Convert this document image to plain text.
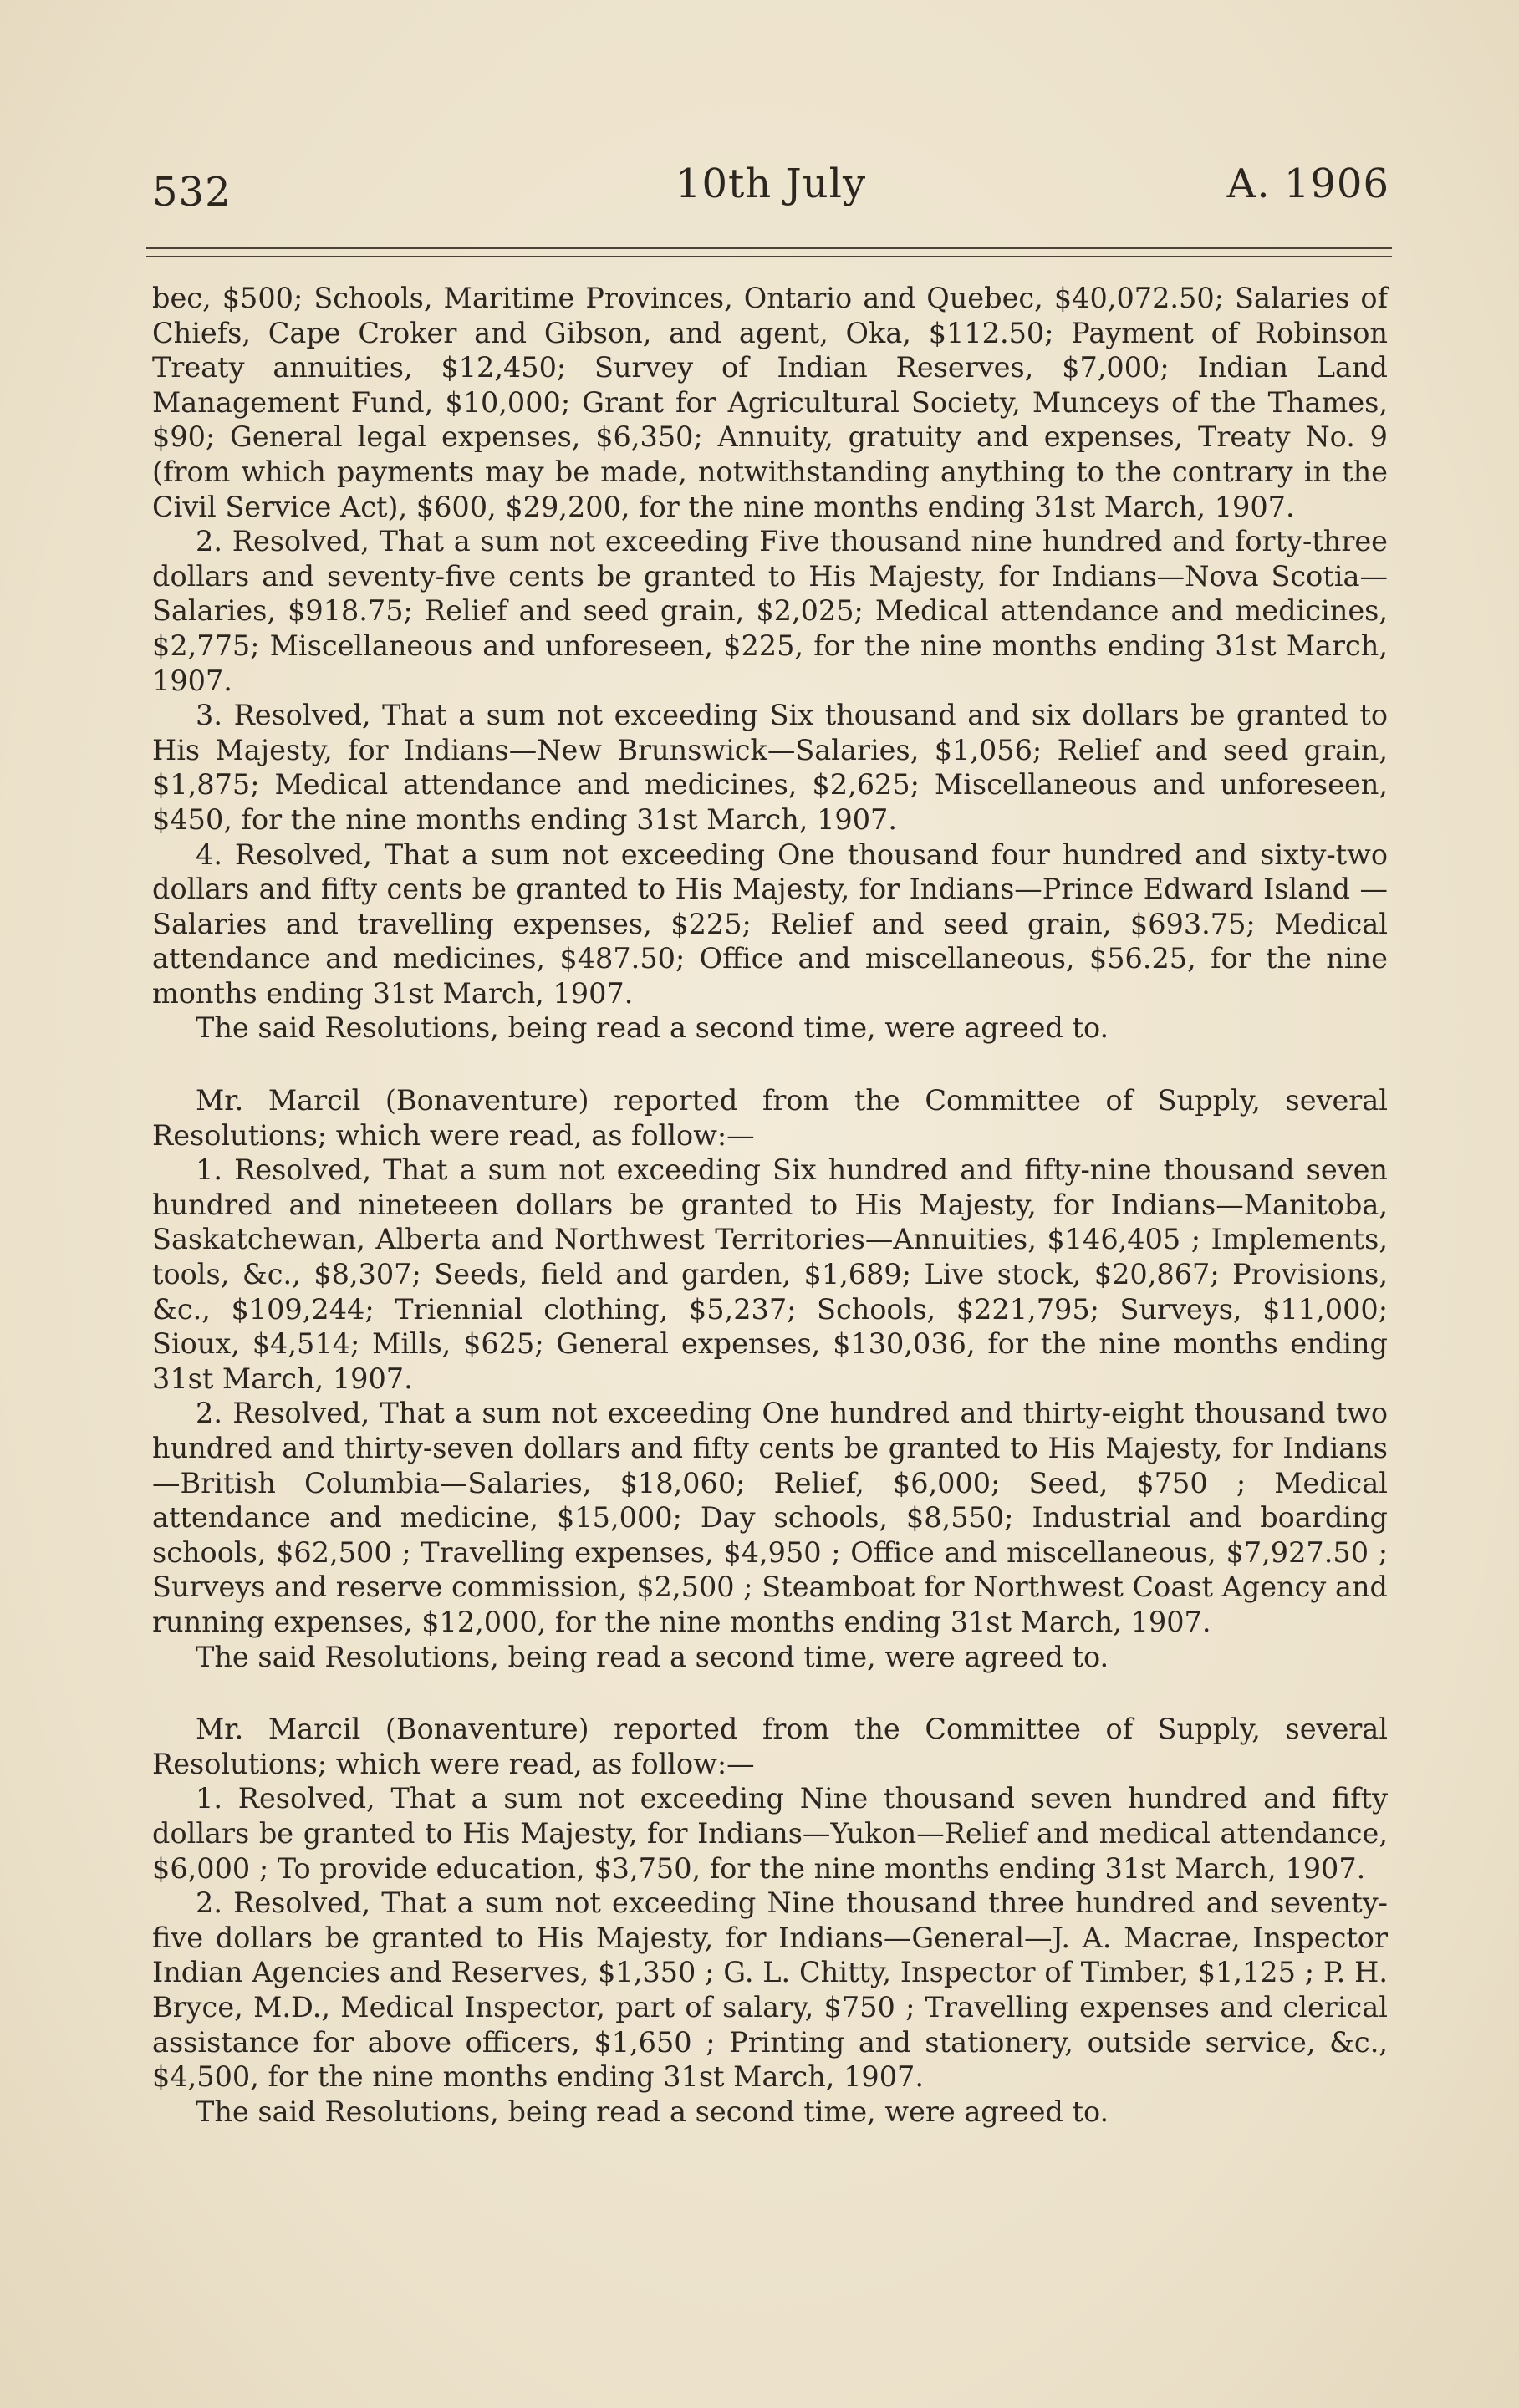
532	10th July	A. 1906

bec, $500; Schools, Maritime Provinces, Ontario and Quebec, $40,072.50; Salaries of Chiefs, Cape Croker and Gibson, and agent, Oka, $112.50; Payment of Robinson Treaty annuities, $12,450; Survey of Indian Reserves, $7,000; Indian Land Management Fund, $10,000; Grant for Agricultural Society, Munceys of the Thames, $90; General legal expenses, $6,350; Annuity, gratuity and expenses, Treaty No. 9 (from which payments may be made, notwithstanding anything to the contrary in the Civil Service Act), $600, $29,200, for the nine months ending 31st March, 1907.

2. Resolved, That a sum not exceeding Five thousand nine hundred and forty-three dollars and seventy-five cents be granted to His Majesty, for Indians—Nova Scotia—Salaries, $918.75; Relief and seed grain, $2,025; Medical attendance and medicines, $2,775; Miscellaneous and unforeseen, $225, for the nine months ending 31st March, 1907.

3. Resolved, That a sum not exceeding Six thousand and six dollars be granted to His Majesty, for Indians—New Brunswick—Salaries, $1,056; Relief and seed grain, $1,875; Medical attendance and medicines, $2,625; Miscellaneous and unforeseen, $450, for the nine months ending 31st March, 1907.

4. Resolved, That a sum not exceeding One thousand four hundred and sixty-two dollars and fifty cents be granted to His Majesty, for Indians—Prince Edward Island —Salaries and travelling expenses, $225; Relief and seed grain, $693.75; Medical attendance and medicines, $487.50; Office and miscellaneous, $56.25, for the nine months ending 31st March, 1907.

The said Resolutions, being read a second time, were agreed to.

Mr. Marcil (Bonaventure) reported from the Committee of Supply, several Resolutions; which were read, as follow:—

1. Resolved, That a sum not exceeding Six hundred and fifty-nine thousand seven hundred and nineteeen dollars be granted to His Majesty, for Indians—Manitoba, Saskatchewan, Alberta and Northwest Territories—Annuities, $146,405 ; Implements, tools, &c., $8,307; Seeds, field and garden, $1,689; Live stock, $20,867; Provisions, &c., $109,244; Triennial clothing, $5,237; Schools, $221,795; Surveys, $11,000; Sioux, $4,514; Mills, $625; General expenses, $130,036, for the nine months ending 31st March, 1907.

2. Resolved, That a sum not exceeding One hundred and thirty-eight thousand two hundred and thirty-seven dollars and fifty cents be granted to His Majesty, for Indians—British Columbia—Salaries, $18,060; Relief, $6,000; Seed, $750 ; Medical attendance and medicine, $15,000; Day schools, $8,550; Industrial and boarding schools, $62,500 ; Travelling expenses, $4,950 ; Office and miscellaneous, $7,927.50 ; Surveys and reserve commission, $2,500 ; Steamboat for Northwest Coast Agency and running expenses, $12,000, for the nine months ending 31st March, 1907.

The said Resolutions, being read a second time, were agreed to.

Mr. Marcil (Bonaventure) reported from the Committee of Supply, several Resolutions; which were read, as follow:—

1. Resolved, That a sum not exceeding Nine thousand seven hundred and fifty dollars be granted to His Majesty, for Indians—Yukon—Relief and medical attendance, $6,000 ; To provide education, $3,750, for the nine months ending 31st March, 1907.

2. Resolved, That a sum not exceeding Nine thousand three hundred and seventy-five dollars be granted to His Majesty, for Indians—General—J. A. Macrae, Inspector Indian Agencies and Reserves, $1,350 ; G. L. Chitty, Inspector of Timber, $1,125 ; P. H. Bryce, M.D., Medical Inspector, part of salary, $750 ; Travelling expenses and clerical assistance for above officers, $1,650 ; Printing and stationery, outside service, &c., $4,500, for the nine months ending 31st March, 1907.

The said Resolutions, being read a second time, were agreed to.
